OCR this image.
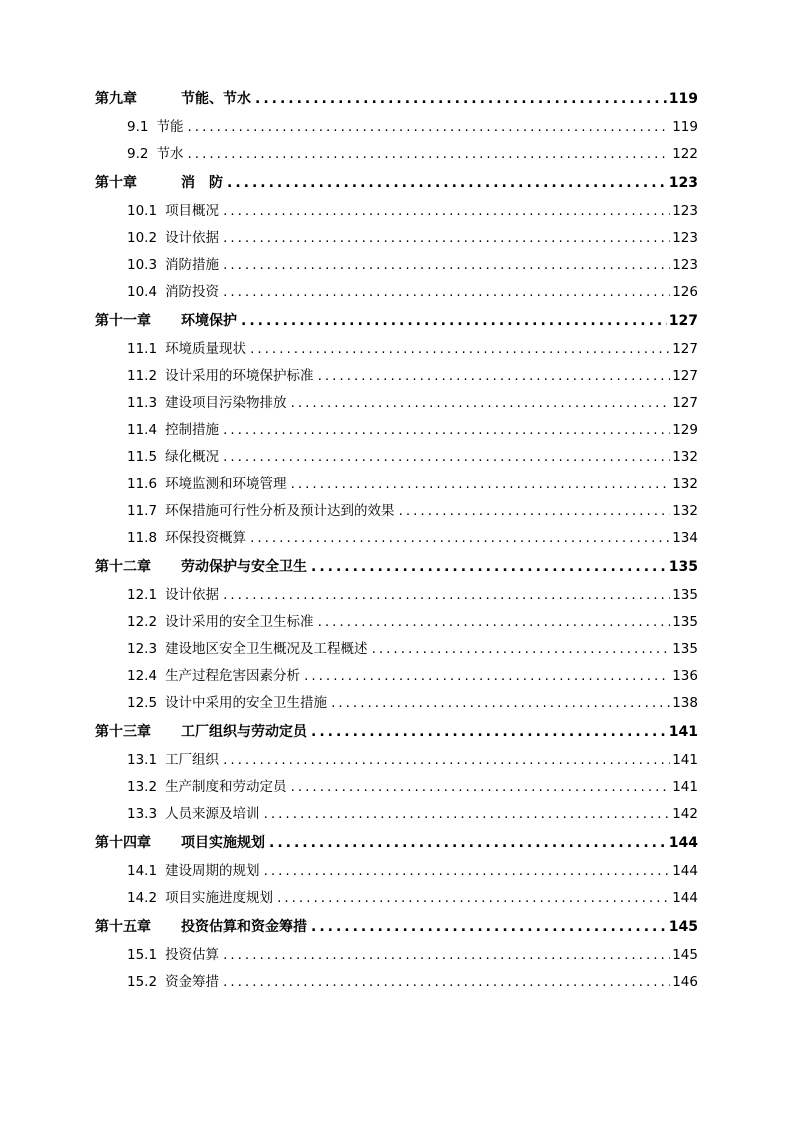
第九章	节能、节水 .....	119
9.1 节能 .....	119
9.2 节水 .....	122
第十章	消　防 .....	123
10.1 项目概况 .....	123
10.2 设计依据 .....	123
10.3 消防措施 .....	123
10.4 消防投资 .....	126
第十一章	环境保护 .....	127
11.1 环境质量现状 .....	127
11.2 设计采用的环境保护标准 .....	127
11.3 建设项目污染物排放 .....	127
11.4 控制措施 .....	129
11.5 绿化概况 .....	132
11.6 环境监测和环境管理 .....	132
11.7 环保措施可行性分析及预计达到的效果 .....	132
11.8 环保投资概算 .....	134
第十二章	劳动保护与安全卫生 .....	135
12.1 设计依据 .....	135
12.2 设计采用的安全卫生标准 .....	135
12.3 建设地区安全卫生概况及工程概述 .....	135
12.4 生产过程危害因素分析 .....	136
12.5 设计中采用的安全卫生措施 .....	138
第十三章	工厂组织与劳动定员 .....	141
13.1 工厂组织 .....	141
13.2 生产制度和劳动定员 .....	141
13.3 人员来源及培训 .....	142
第十四章	项目实施规划 .....	144
14.1 建设周期的规划 .....	144
14.2 项目实施进度规划 .....	144
第十五章	投资估算和资金筹措 .....	145
15.1 投资估算 .....	145
15.2 资金筹措 .....	146
